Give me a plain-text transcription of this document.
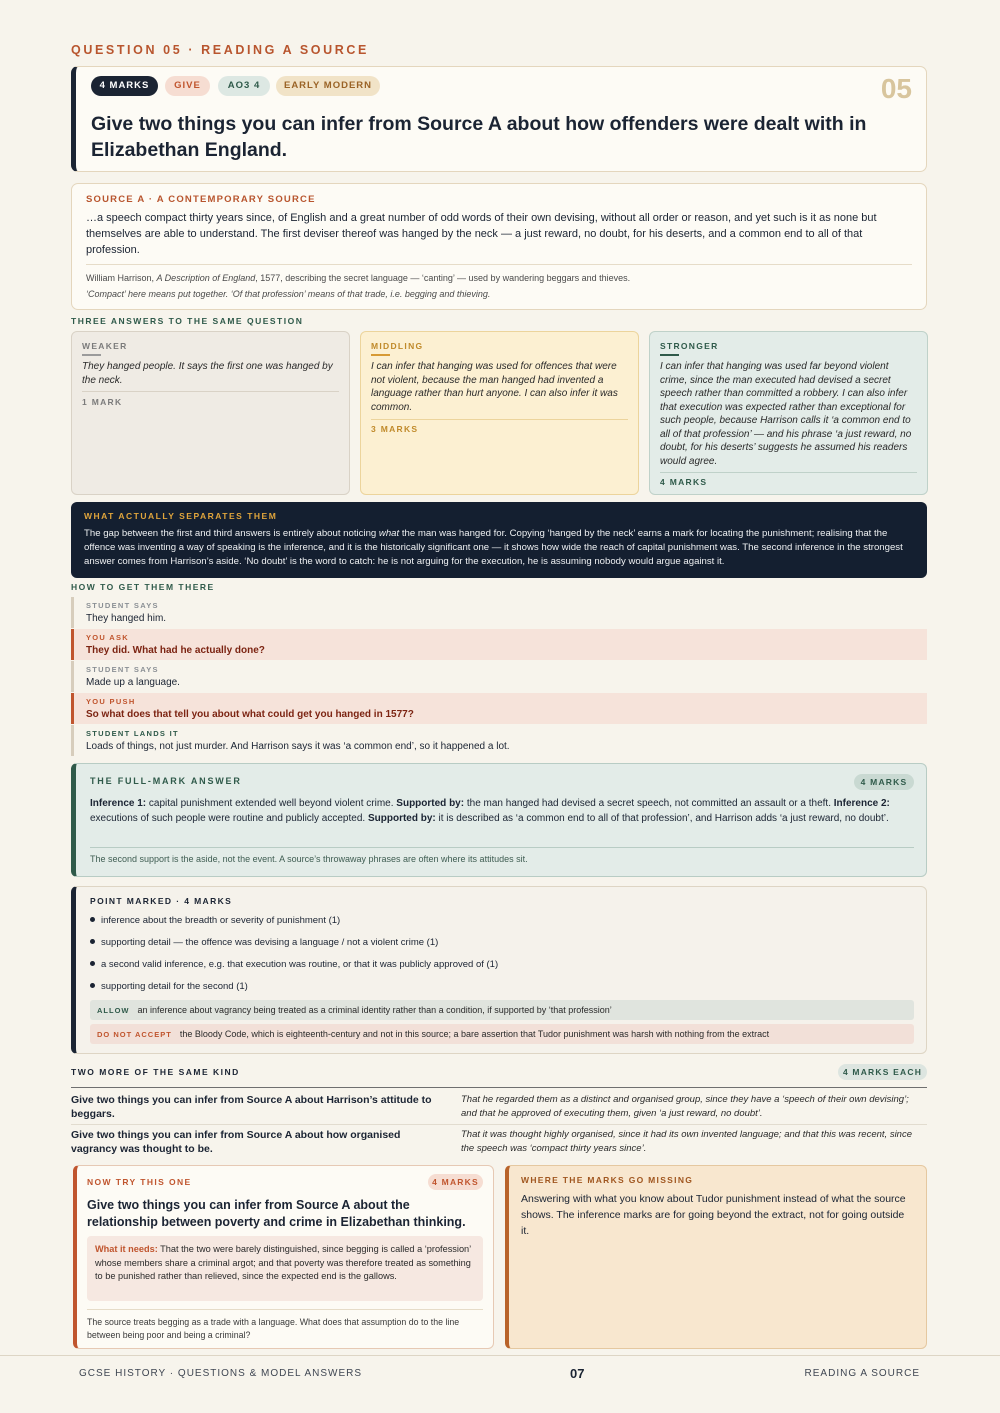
QUESTION 05 · READING A SOURCE
4 MARKS	GIVE	AO3 4	EARLY MODERN	05
Give two things you can infer from Source A about how offenders were dealt with in Elizabethan England.
SOURCE A · A CONTEMPORARY SOURCE
…a speech compact thirty years since, of English and a great number of odd words of their own devising, without all order or reason, and yet such is it as none but themselves are able to understand. The first deviser thereof was hanged by the neck — a just reward, no doubt, for his deserts, and a common end to all of that profession.
William Harrison, A Description of England, 1577, describing the secret language — ‘canting’ — used by wandering beggars and thieves.
‘Compact’ here means put together. ‘Of that profession’ means of that trade, i.e. begging and thieving.
THREE ANSWERS TO THE SAME QUESTION
WEAKER
They hanged people. It says the first one was hanged by the neck.
1 MARK
MIDDLING
I can infer that hanging was used for offences that were not violent, because the man hanged had invented a language rather than hurt anyone. I can also infer it was common.
3 MARKS
STRONGER
I can infer that hanging was used far beyond violent crime, since the man executed had devised a secret speech rather than committed a robbery. I can also infer that execution was expected rather than exceptional for such people, because Harrison calls it ‘a common end to all of that profession’ — and his phrase ‘a just reward, no doubt, for his deserts’ suggests he assumed his readers would agree.
4 MARKS
WHAT ACTUALLY SEPARATES THEM
The gap between the first and third answers is entirely about noticing what the man was hanged for. Copying ‘hanged by the neck’ earns a mark for locating the punishment; realising that the offence was inventing a way of speaking is the inference, and it is the historically significant one — it shows how wide the reach of capital punishment was. The second inference in the strongest answer comes from Harrison’s aside. ‘No doubt’ is the word to catch: he is not arguing for the execution, he is assuming nobody would argue against it.
HOW TO GET THEM THERE
STUDENT SAYS
They hanged him.
YOU ASK
They did. What had he actually done?
STUDENT SAYS
Made up a language.
YOU PUSH
So what does that tell you about what could get you hanged in 1577?
STUDENT LANDS IT
Loads of things, not just murder. And Harrison says it was ‘a common end’, so it happened a lot.
THE FULL-MARK ANSWER	4 MARKS
Inference 1: capital punishment extended well beyond violent crime. Supported by: the man hanged had devised a secret speech, not committed an assault or a theft. Inference 2: executions of such people were routine and publicly accepted. Supported by: it is described as ‘a common end to all of that profession’, and Harrison adds ‘a just reward, no doubt’.
The second support is the aside, not the event. A source’s throwaway phrases are often where its attitudes sit.
POINT MARKED · 4 MARKS
inference about the breadth or severity of punishment (1)
supporting detail — the offence was devising a language / not a violent crime (1)
a second valid inference, e.g. that execution was routine, or that it was publicly approved of (1)
supporting detail for the second (1)
ALLOW an inference about vagrancy being treated as a criminal identity rather than a condition, if supported by ‘that profession’
DO NOT ACCEPT the Bloody Code, which is eighteenth-century and not in this source; a bare assertion that Tudor punishment was harsh with nothing from the extract
TWO MORE OF THE SAME KIND	4 MARKS EACH
Give two things you can infer from Source A about Harrison’s attitude to beggars.
That he regarded them as a distinct and organised group, since they have a ‘speech of their own devising’; and that he approved of executing them, given ‘a just reward, no doubt’.
Give two things you can infer from Source A about how organised vagrancy was thought to be.
That it was thought highly organised, since it had its own invented language; and that this was recent, since the speech was ‘compact thirty years since’.
NOW TRY THIS ONE	4 MARKS
Give two things you can infer from Source A about the relationship between poverty and crime in Elizabethan thinking.
What it needs: That the two were barely distinguished, since begging is called a ‘profession’ whose members share a criminal argot; and that poverty was therefore treated as something to be punished rather than relieved, since the expected end is the gallows.
The source treats begging as a trade with a language. What does that assumption do to the line between being poor and being a criminal?
WHERE THE MARKS GO MISSING
Answering with what you know about Tudor punishment instead of what the source shows. The inference marks are for going beyond the extract, not for going outside it.
GCSE HISTORY · QUESTIONS & MODEL ANSWERS	07	READING A SOURCE
